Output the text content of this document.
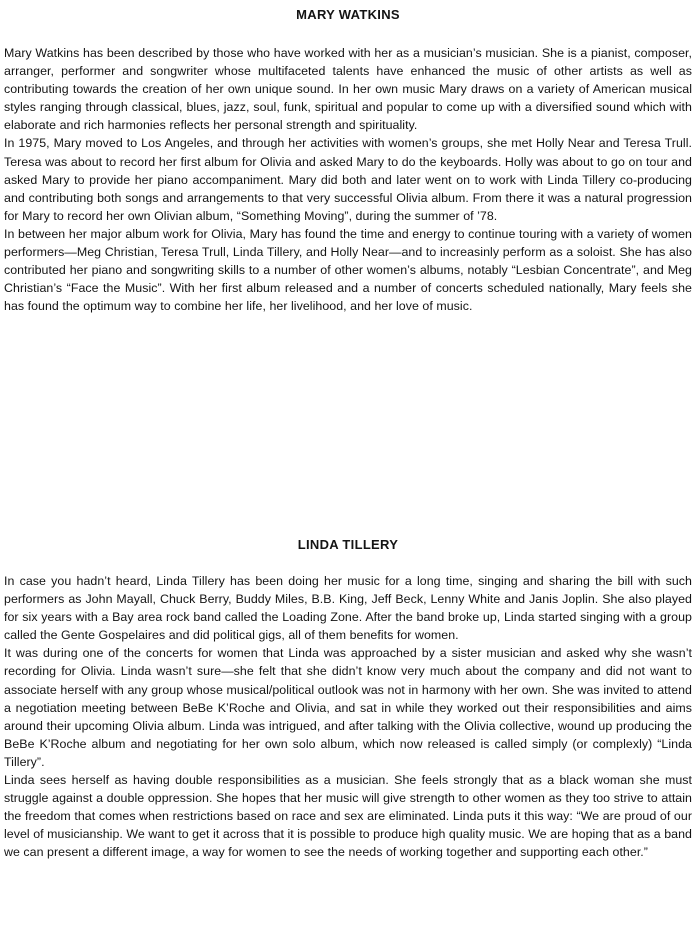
MARY WATKINS

Mary Watkins has been described by those who have worked with her as a musician’s musician. She is a pianist, composer, arranger, performer and songwriter whose multifaceted talents have enhanced the music of other artists as well as contributing towards the creation of her own unique sound. In her own music Mary draws on a variety of American musical styles ranging through classical, blues, jazz, soul, funk, spiritual and popular to come up with a diversified sound which with elaborate and rich harmonies reflects her personal strength and spirituality.

In 1975, Mary moved to Los Angeles, and through her activities with women’s groups, she met Holly Near and Teresa Trull. Teresa was about to record her first album for Olivia and asked Mary to do the keyboards. Holly was about to go on tour and asked Mary to provide her piano accompaniment. Mary did both and later went on to work with Linda Tillery co-producing and contributing both songs and arrangements to that very successful Olivia album. From there it was a natural progression for Mary to record her own Olivian album, “Something Moving”, during the summer of ’78.

In between her major album work for Olivia, Mary has found the time and energy to continue touring with a variety of women performers—Meg Christian, Teresa Trull, Linda Tillery, and Holly Near—and to increasinly perform as a soloist. She has also contributed her piano and songwriting skills to a number of other women’s albums, notably “Lesbian Concentrate”, and Meg Christian’s “Face the Music”. With her first album released and a number of concerts scheduled nationally, Mary feels she has found the optimum way to combine her life, her livelihood, and her love of music.

LINDA TILLERY

In case you hadn’t heard, Linda Tillery has been doing her music for a long time, singing and sharing the bill with such performers as John Mayall, Chuck Berry, Buddy Miles, B.B. King, Jeff Beck, Lenny White and Janis Joplin. She also played for six years with a Bay area rock band called the Loading Zone. After the band broke up, Linda started singing with a group called the Gente Gospelaires and did political gigs, all of them benefits for women.

It was during one of the concerts for women that Linda was approached by a sister musician and asked why she wasn’t recording for Olivia. Linda wasn’t sure—she felt that she didn’t know very much about the company and did not want to associate herself with any group whose musical/political outlook was not in harmony with her own. She was invited to attend a negotiation meeting between BeBe K’Roche and Olivia, and sat in while they worked out their responsibilities and aims around their upcoming Olivia album. Linda was intrigued, and after talking with the Olivia collective, wound up producing the BeBe K’Roche album and negotiating for her own solo album, which now released is called simply (or complexly) “Linda Tillery”.

Linda sees herself as having double responsibilities as a musician. She feels strongly that as a black woman she must struggle against a double oppression. She hopes that her music will give strength to other women as they too strive to attain the freedom that comes when restrictions based on race and sex are eliminated. Linda puts it this way: “We are proud of our level of musicianship. We want to get it across that it is possible to produce high quality music. We are hoping that as a band we can present a different image, a way for women to see the needs of working together and supporting each other.”
